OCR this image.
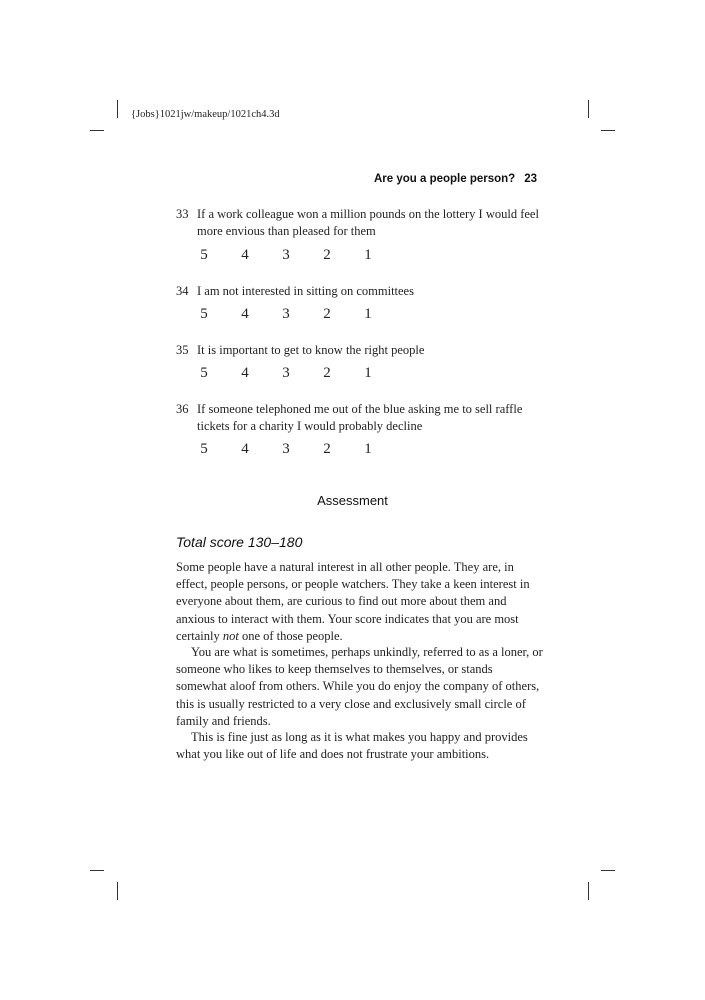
{Jobs}1021jw/makeup/1021ch4.3d
Are you a people person? 23
33 If a work colleague won a million pounds on the lottery I would feel more envious than pleased for them
5 4 3 2 1
34 I am not interested in sitting on committees
5 4 3 2 1
35 It is important to get to know the right people
5 4 3 2 1
36 If someone telephoned me out of the blue asking me to sell raffle tickets for a charity I would probably decline
5 4 3 2 1
Assessment
Total score 130–180

Some people have a natural interest in all other people. They are, in effect, people persons, or people watchers. They take a keen interest in everyone about them, are curious to find out more about them and anxious to interact with them. Your score indicates that you are most certainly not one of those people.

You are what is sometimes, perhaps unkindly, referred to as a loner, or someone who likes to keep themselves to themselves, or stands somewhat aloof from others. While you do enjoy the company of others, this is usually restricted to a very close and exclusively small circle of family and friends.

This is fine just as long as it is what makes you happy and provides what you like out of life and does not frustrate your ambitions.
